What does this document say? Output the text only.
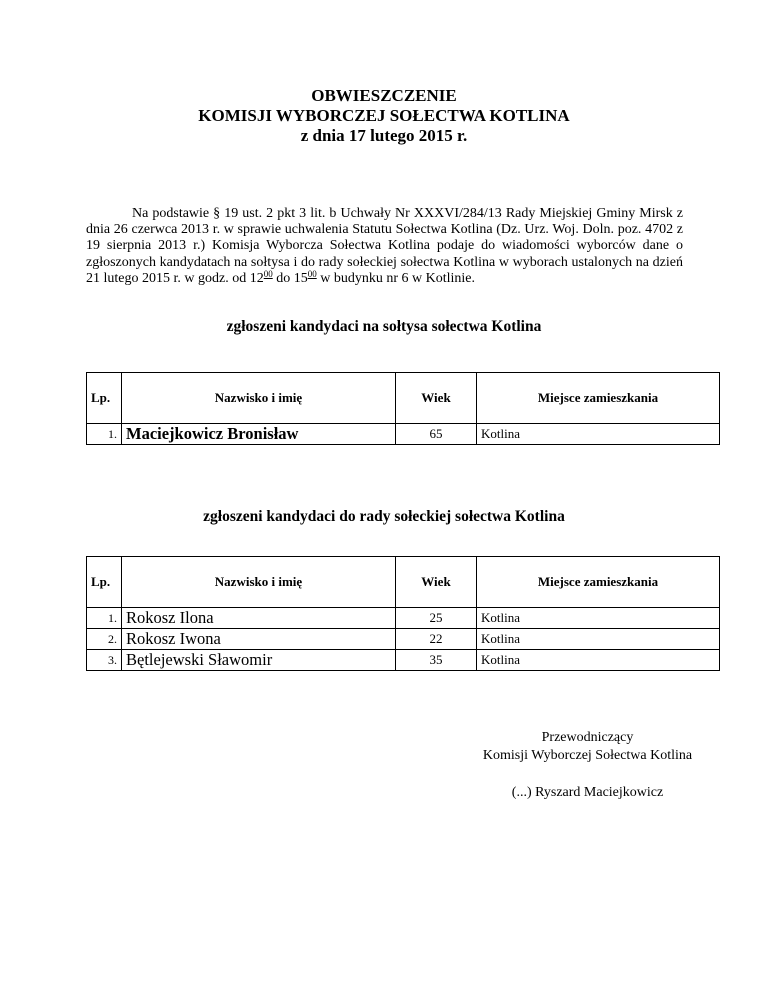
OBWIESZCZENIE
KOMISJI WYBORCZEJ SOŁECTWA KOTLINA
z dnia 17 lutego 2015 r.
Na podstawie § 19 ust. 2 pkt 3 lit. b Uchwały Nr XXXVI/284/13 Rady Miejskiej Gminy Mirsk z dnia 26 czerwca 2013 r. w sprawie uchwalenia Statutu Sołectwa Kotlina (Dz. Urz. Woj. Doln. poz. 4702 z 19 sierpnia 2013 r.) Komisja Wyborcza Sołectwa Kotlina podaje do wiadomości wyborców dane o zgłoszonych kandydatach na sołtysa i do rady sołeckiej sołectwa Kotlina w wyborach ustalonych na dzień 21 lutego 2015 r. w godz. od $12^{00}$ do $15^{00}$ w budynku nr 6 w Kotlinie.
zgłoszeni kandydaci na sołtysa sołectwa Kotlina
Lp.	Nazwisko i imię	Wiek	Miejsce zamieszkania
1.	Maciejkowicz Bronisław	65	Kotlina
zgłoszeni kandydaci do rady sołeckiej sołectwa Kotlina
Lp.	Nazwisko i imię	Wiek	Miejsce zamieszkania
1.	Rokosz Ilona	25	Kotlina
2.	Rokosz Iwona	22	Kotlina
3.	Bętlejewski Sławomir	35	Kotlina
Przewodniczący
Komisji Wyborczej Sołectwa Kotlina
(...) Ryszard Maciejkowicz
